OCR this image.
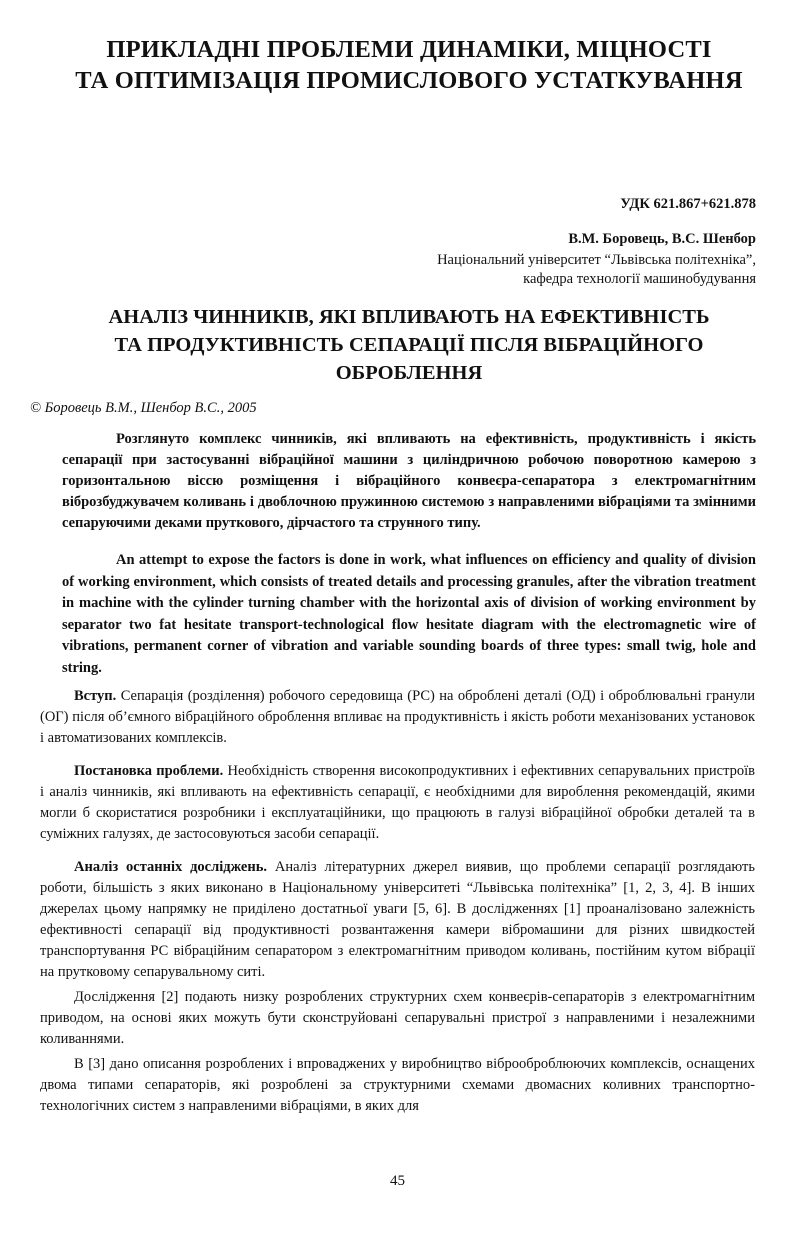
ПРИКЛАДНІ ПРОБЛЕМИ ДИНАМІКИ, МІЦНОСТІ
ТА ОПТИМІЗАЦІЯ ПРОМИСЛОВОГО УСТАТКУВАННЯ
УДК 621.867+621.878
В.М. Боровець, В.С. Шенбор
Національний університет “Львівська політехніка”,
кафедра технології машинобудування
АНАЛІЗ ЧИННИКІВ, ЯКІ ВПЛИВАЮТЬ НА ЕФЕКТИВНІСТЬ
ТА ПРОДУКТИВНІСТЬ СЕПАРАЦІЇ ПІСЛЯ ВІБРАЦІЙНОГО
ОБРОБЛЕННЯ
© Боровець В.М., Шенбор В.С., 2005

Розглянуто комплекс чинників, які впливають на ефективність, продуктивність і якість сепарації при застосуванні вібраційної машини з циліндричною робочою поворотною камерою з горизонтальною віссю розміщення і вібраційного конвеєра-сепаратора з електромагнітним віброзбуджувачем коливань і двоблочною пружинною системою з направленими вібраціями та змінними сепаруючими деками пруткового, дірчастого та струнного типу.

An attempt to expose the factors is done in work, what influences on efficiency and quality of division of working environment, which consists of treated details and processing granules, after the vibration treatment in machine with the cylinder turning chamber with the horizontal axis of division of working environment by separator two fat hesitate transport-technological flow hesitate diagram with the electromagnetic wire of vibrations, permanent corner of vibration and variable sounding boards of three types: small twig, hole and string.

Вступ. Сепарація (розділення) робочого середовища (РС) на оброблені деталі (ОД) і оброблювальні гранули (ОГ) після об’ємного вібраційного оброблення впливає на продуктивність і якість роботи механізованих установок і автоматизованих комплексів.

Постановка проблеми. Необхідність створення високопродуктивних і ефективних сепарувальних пристроїв і аналіз чинників, які впливають на ефективність сепарації, є необхідними для вироблення рекомендацій, якими могли б скористатися розробники і експлуатаційники, що працюють в галузі вібраційної обробки деталей та в суміжних галузях, де застосовуються засоби сепарації.

Аналіз останніх досліджень. Аналіз літературних джерел виявив, що проблеми сепарації розглядають роботи, більшість з яких виконано в Національному університеті “Львівська політехніка” [1, 2, 3, 4]. В інших джерелах цьому напрямку не приділено достатньої уваги [5, 6]. В дослідженнях [1] проаналізовано залежність ефективності сепарації від продуктивності розвантаження камери вібромашини для різних швидкостей транспортування РС вібраційним сепаратором з електромагнітним приводом коливань, постійним кутом вібрації на прутковому сепарувальному ситі.

Дослідження [2] подають низку розроблених структурних схем конвеєрів-сепараторів з електромагнітним приводом, на основі яких можуть бути сконструйовані сепарувальні пристрої з направленими і незалежними коливаннями.

В [3] дано описання розроблених і впроваджених у виробництво віброоброблюючих комплексів, оснащених двома типами сепараторів, які розроблені за структурними схемами двомасних коливних транспортно-технологічних систем з направленими вібраціями, в яких для

45
